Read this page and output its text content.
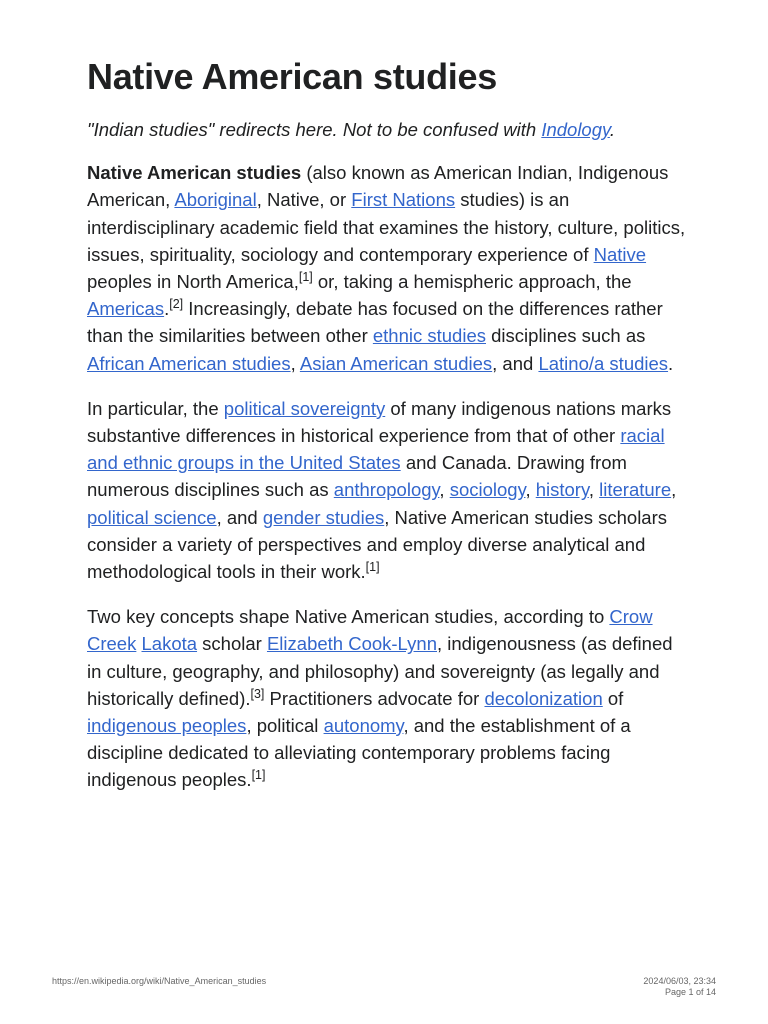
Native American studies

"Indian studies" redirects here. Not to be confused with Indology.

Native American studies (also known as American Indian, Indigenous American, Aboriginal, Native, or First Nations studies) is an interdisciplinary academic field that examines the history, culture, politics, issues, spirituality, sociology and contemporary experience of Native peoples in North America,[1] or, taking a hemispheric approach, the Americas.[2] Increasingly, debate has focused on the differences rather than the similarities between other ethnic studies disciplines such as African American studies, Asian American studies, and Latino/a studies.

In particular, the political sovereignty of many indigenous nations marks substantive differences in historical experience from that of other racial and ethnic groups in the United States and Canada. Drawing from numerous disciplines such as anthropology, sociology, history, literature, political science, and gender studies, Native American studies scholars consider a variety of perspectives and employ diverse analytical and methodological tools in their work.[1]

Two key concepts shape Native American studies, according to Crow Creek Lakota scholar Elizabeth Cook-Lynn, indigenousness (as defined in culture, geography, and philosophy) and sovereignty (as legally and historically defined).[3] Practitioners advocate for decolonization of indigenous peoples, political autonomy, and the establishment of a discipline dedicated to alleviating contemporary problems facing indigenous peoples.[1]

https://en.wikipedia.org/wiki/Native_American_studies	2024/06/03, 23:34
Page 1 of 14
